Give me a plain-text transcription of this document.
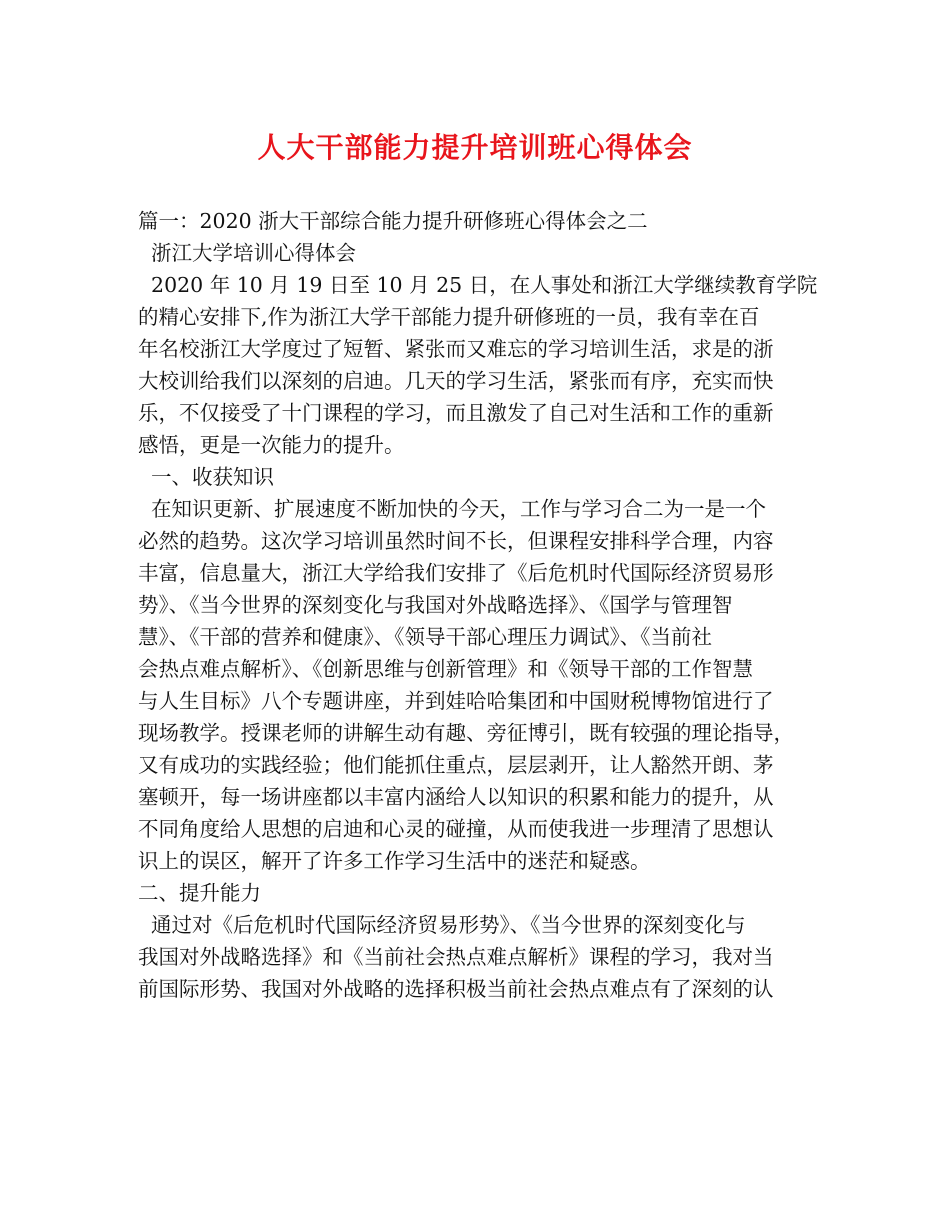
人大干部能力提升培训班心得体会
篇一：2020 浙大干部综合能力提升研修班心得体会之二
浙江大学培训心得体会
2020 年 10 月 19 日至 10 月 25 日，在人事处和浙江大学继续教育学院
的精心安排下,作为浙江大学干部能力提升研修班的一员，我有幸在百
年名校浙江大学度过了短暂、紧张而又难忘的学习培训生活，求是的浙
大校训给我们以深刻的启迪。几天的学习生活，紧张而有序，充实而快
乐，不仅接受了十门课程的学习，而且激发了自己对生活和工作的重新
感悟，更是一次能力的提升。
一、收获知识
在知识更新、扩展速度不断加快的今天，工作与学习合二为一是一个
必然的趋势。这次学习培训虽然时间不长，但课程安排科学合理，内容
丰富，信息量大，浙江大学给我们安排了《后危机时代国际经济贸易形
势》、《当今世界的深刻变化与我国对外战略选择》、《国学与管理智
慧》、《干部的营养和健康》、《领导干部心理压力调试》、《当前社
会热点难点解析》、《创新思维与创新管理》和《领导干部的工作智慧
与人生目标》八个专题讲座，并到娃哈哈集团和中国财税博物馆进行了
现场教学。授课老师的讲解生动有趣、旁征博引，既有较强的理论指导，
又有成功的实践经验；他们能抓住重点，层层剥开，让人豁然开朗、茅
塞顿开，每一场讲座都以丰富内涵给人以知识的积累和能力的提升，从
不同角度给人思想的启迪和心灵的碰撞，从而使我进一步理清了思想认
识上的误区，解开了许多工作学习生活中的迷茫和疑惑。
二、提升能力
通过对《后危机时代国际经济贸易形势》、《当今世界的深刻变化与
我国对外战略选择》和《当前社会热点难点解析》课程的学习，我对当
前国际形势、我国对外战略的选择积极当前社会热点难点有了深刻的认
